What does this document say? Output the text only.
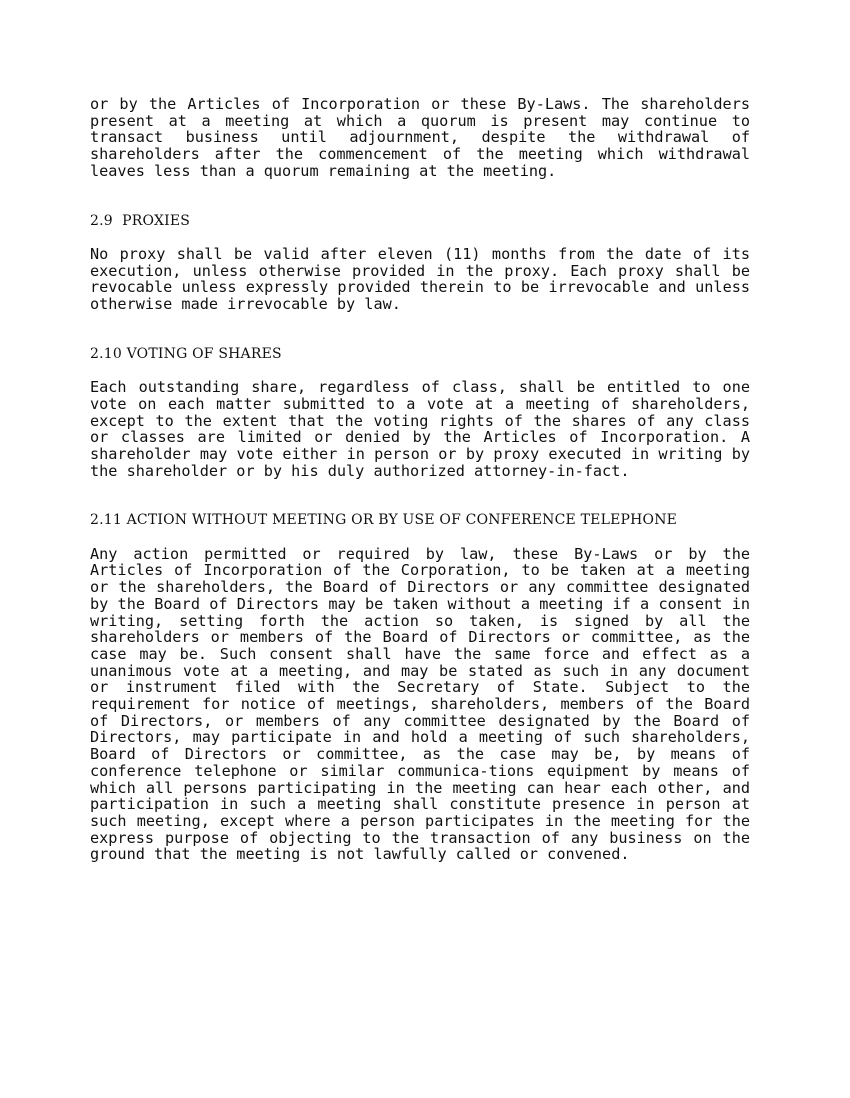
or by the Articles of Incorporation or these By-Laws. The shareholders present at a meeting at which a quorum is present may continue to transact business until adjournment, despite the withdrawal of shareholders after the commencement of the meeting which withdrawal leaves less than a quorum remaining at the meeting.

2.9  PROXIES

No proxy shall be valid after eleven (11) months from the date of its execution, unless otherwise provided in the proxy. Each proxy shall be revocable unless expressly provided therein to be irrevocable and unless otherwise made irrevocable by law.

2.10 VOTING OF SHARES

Each outstanding share, regardless of class, shall be entitled to one vote on each matter submitted to a vote at a meeting of shareholders, except to the extent that the voting rights of the shares of any class or classes are limited or denied by the Articles of Incorporation. A shareholder may vote either in person or by proxy executed in writing by the shareholder or by his duly authorized attorney-in-fact.

2.11 ACTION WITHOUT MEETING OR BY USE OF CONFERENCE TELEPHONE

Any action permitted or required by law, these By-Laws or by the Articles of Incorporation of the Corporation, to be taken at a meeting or the shareholders, the Board of Directors or any committee designated by the Board of Directors may be taken without a meeting if a consent in writing, setting forth the action so taken, is signed by all the shareholders or members of the Board of Directors or committee, as the case may be. Such consent shall have the same force and effect as a unanimous vote at a meeting, and may be stated as such in any document or instrument filed with the Secretary of State. Subject to the requirement for notice of meetings, shareholders, members of the Board of Directors, or members of any committee designated by the Board of Directors, may participate in and hold a meeting of such shareholders, Board of Directors or committee, as the case may be, by means of conference telephone or similar communica-tions equipment by means of which all persons participating in the meeting can hear each other, and participation in such a meeting shall constitute presence in person at such meeting, except where a person participates in the meeting for the express purpose of objecting to the transaction of any business on the ground that the meeting is not lawfully called or convened.
